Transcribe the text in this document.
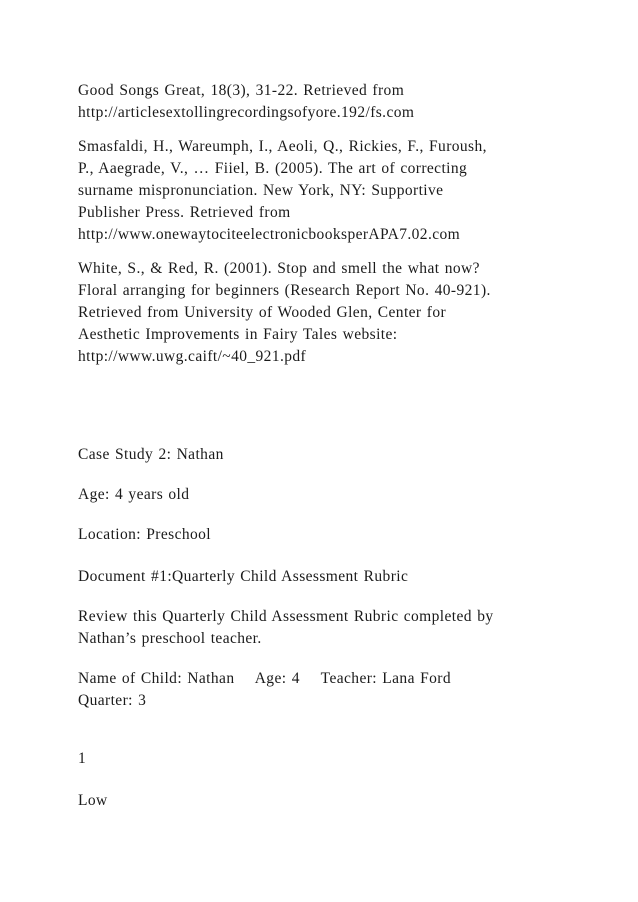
Good Songs Great, 18(3), 31-22. Retrieved from
http://articlesextollingrecordingsofyore.192/fs.com
Smasfaldi, H., Wareumph, I., Aeoli, Q., Rickies, F., Furoush,
P., Aaegrade, V., … Fiiel, B. (2005). The art of correcting
surname mispronunciation. New York, NY: Supportive
Publisher Press. Retrieved from
http://www.onewaytociteelectronicbooksperAPA7.02.com
White, S., & Red, R. (2001). Stop and smell the what now?
Floral arranging for beginners (Research Report No. 40-921).
Retrieved from University of Wooded Glen, Center for
Aesthetic Improvements in Fairy Tales website:
http://www.uwg.caift/~40_921.pdf
Case Study 2: Nathan
Age: 4 years old
Location: Preschool
Document #1:Quarterly Child Assessment Rubric
Review this Quarterly Child Assessment Rubric completed by
Nathan’s preschool teacher.
Name of Child: Nathan    Age: 4    Teacher: Lana Ford
Quarter: 3
1
Low
